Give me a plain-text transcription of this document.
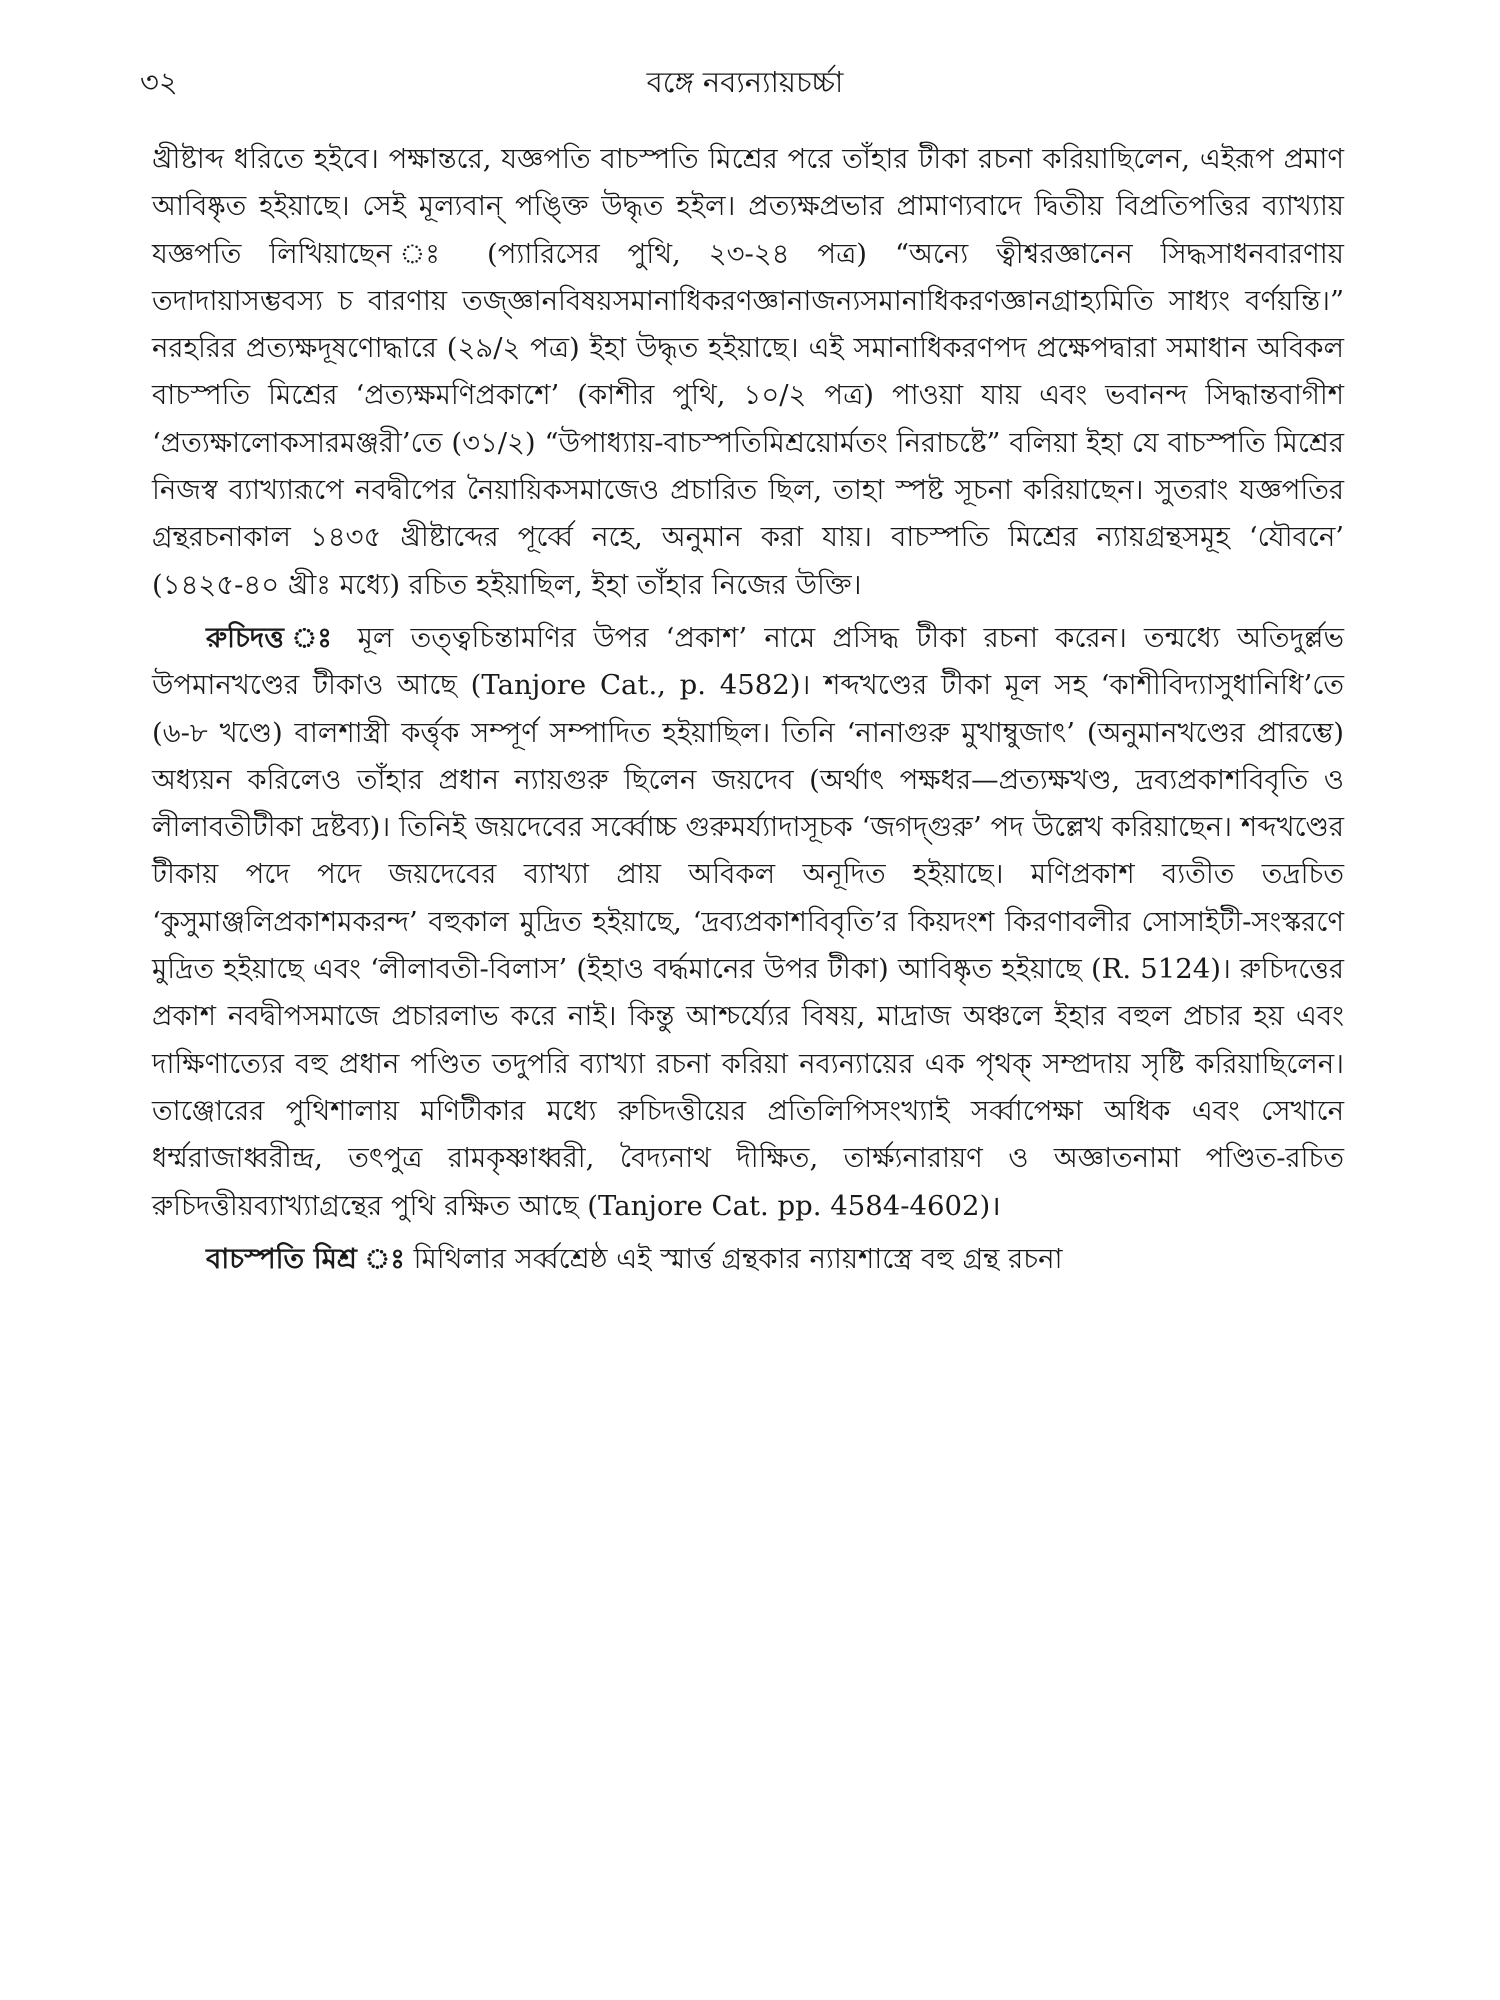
৩২	বঙ্গে নব্যন্যায়চর্চ্চা

খ্রীষ্টাব্দ ধরিতে হইবে। পক্ষান্তরে, যজ্ঞপতি বাচস্পতি মিশ্রের পরে তাঁহার টীকা রচনা করিয়াছিলেন, এইরূপ প্রমাণ আবিষ্কৃত হইয়াছে। সেই মূল্যবান্ পঙ্ক্তি উদ্ধৃত হইল। প্রত্যক্ষপ্রভার প্রামাণ্যবাদে দ্বিতীয় বিপ্রতিপত্তির ব্যাখ্যায় যজ্ঞপতি লিখিয়াছেন ঃ (প্যারিসের পুথি, ২৩-২৪ পত্র) “অন্যে ত্বীশ্বরজ্ঞানেন সিদ্ধসাধনবারণায় তদাদায়াসম্ভবস্য চ বারণায় তজ্জ্ঞানবিষয়সমানাধিকরণজ্ঞানাজন্যসমানাধিকরণজ্ঞানগ্রাহ্যমিতি সাধ্যং বর্ণয়ন্তি।” নরহরির প্রত্যক্ষদূষণোদ্ধারে (২৯/২ পত্র) ইহা উদ্ধৃত হইয়াছে। এই সমানাধিকরণপদ প্রক্ষেপদ্বারা সমাধান অবিকল বাচস্পতি মিশ্রের ‘প্রত্যক্ষমণিপ্রকাশে’ (কাশীর পুথি, ১০/২ পত্র) পাওয়া যায় এবং ভবানন্দ সিদ্ধান্তবাগীশ ‘প্রত্যক্ষালোকসারমঞ্জরী’তে (৩১/২) “উপাধ্যায়-বাচস্পতিমিশ্রয়োর্মতং নিরাচষ্টে” বলিয়া ইহা যে বাচস্পতি মিশ্রের নিজস্ব ব্যাখ্যারূপে নবদ্বীপের নৈয়ায়িকসমাজেও প্রচারিত ছিল, তাহা স্পষ্ট সূচনা করিয়াছেন। সুতরাং যজ্ঞপতির গ্রন্থরচনাকাল ১৪৩৫ খ্রীষ্টাব্দের পূর্ব্বে নহে, অনুমান করা যায়। বাচস্পতি মিশ্রের ন্যায়গ্রন্থসমূহ ‘যৌবনে’ (১৪২৫-৪০ খ্রীঃ মধ্যে) রচিত হইয়াছিল, ইহা তাঁহার নিজের উক্তি।

রুচিদত্ত ঃ মূল তত্ত্বচিন্তামণির উপর ‘প্রকাশ’ নামে প্রসিদ্ধ টীকা রচনা করেন। তন্মধ্যে অতিদুর্ল্লভ উপমানখণ্ডের টীকাও আছে (Tanjore Cat., p. 4582)। শব্দখণ্ডের টীকা মূল সহ ‘কাশীবিদ্যাসুধানিধি’তে (৬-৮ খণ্ডে) বালশাস্ত্রী কর্ত্তৃক সম্পূর্ণ সম্পাদিত হইয়াছিল। তিনি ‘নানাগুরু মুখাম্বুজাৎ’ (অনুমানখণ্ডের প্রারম্ভে) অধ্যয়ন করিলেও তাঁহার প্রধান ন্যায়গুরু ছিলেন জয়দেব (অর্থাৎ পক্ষধর—প্রত্যক্ষখণ্ড, দ্রব্যপ্রকাশবিবৃতি ও লীলাবতীটীকা দ্রষ্টব্য)। তিনিই জয়দেবের সর্ব্বোচ্চ গুরুমর্য্যাদাসূচক ‘জগদ্গুরু’ পদ উল্লেখ করিয়াছেন। শব্দখণ্ডের টীকায় পদে পদে জয়দেবের ব্যাখ্যা প্রায় অবিকল অনূদিত হইয়াছে। মণিপ্রকাশ ব্যতীত তদ্রচিত ‘কুসুমাঞ্জলিপ্রকাশমকরন্দ’ বহুকাল মুদ্রিত হইয়াছে, ‘দ্রব্যপ্রকাশবিবৃতি’র কিয়দংশ কিরণাবলীর সোসাইটী-সংস্করণে মুদ্রিত হইয়াছে এবং ‘লীলাবতী-বিলাস’ (ইহাও বর্দ্ধমানের উপর টীকা) আবিষ্কৃত হইয়াছে (R. 5124)। রুচিদত্তের প্রকাশ নবদ্বীপসমাজে প্রচারলাভ করে নাই। কিন্তু আশ্চর্য্যের বিষয়, মাদ্রাজ অঞ্চলে ইহার বহুল প্রচার হয় এবং দাক্ষিণাত্যের বহু প্রধান পণ্ডিত তদুপরি ব্যাখ্যা রচনা করিয়া নব্যন্যায়ের এক পৃথক্ সম্প্রদায় সৃষ্টি করিয়াছিলেন। তাঞ্জোরের পুথিশালায় মণিটীকার মধ্যে রুচিদত্তীয়ের প্রতিলিপিসংখ্যাই সর্ব্বাপেক্ষা অধিক এবং সেখানে ধর্ম্মরাজাধ্বরীন্দ্র, তৎপুত্র রামকৃষ্ণাধ্বরী, বৈদ্যনাথ দীক্ষিত, তার্ক্ষ্যনারায়ণ ও অজ্ঞাতনামা পণ্ডিত-রচিত রুচিদত্তীয়ব্যাখ্যাগ্রন্থের পুথি রক্ষিত আছে (Tanjore Cat. pp. 4584-4602)।

বাচস্পতি মিশ্র ঃ মিথিলার সর্ব্বশ্রেষ্ঠ এই স্মার্ত্ত গ্রন্থকার ন্যায়শাস্ত্রে বহু গ্রন্থ রচনা
